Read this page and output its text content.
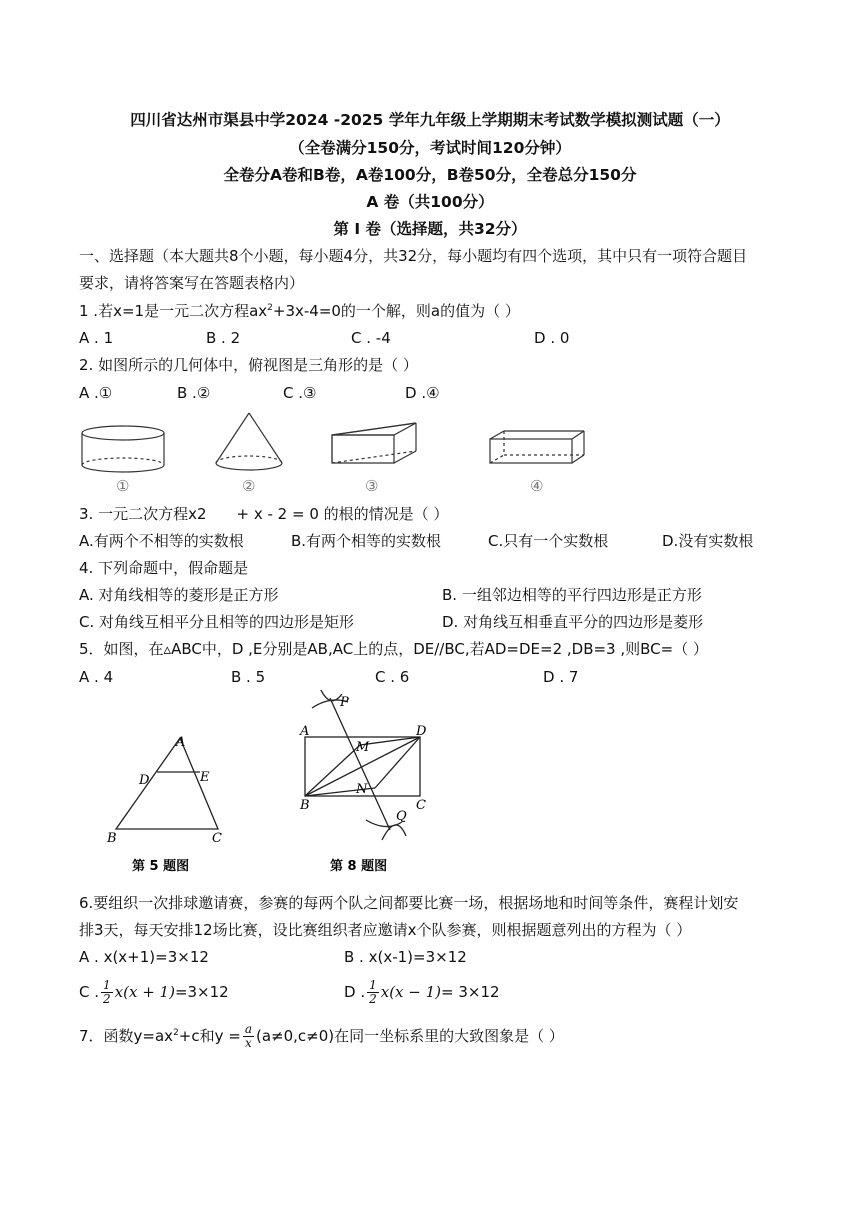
四川省达州市渠县中学2024 -2025 学年九年级上学期期末考试数学模拟测试题（一）
（全卷满分150分，考试时间120分钟）
全卷分A卷和B卷，A卷100分，B卷50分，全卷总分150分
A 卷（共100分）
第 I 卷（选择题，共32分）
一、选择题（本大题共8个小题，每小题4分，共32分，每小题均有四个选项，其中只有一项符合题目
要求，请将答案写在答题表格内）
1 .若x=1是一元二次方程$ax^2+3x-4=0$的一个解，则a的值为（ ）
A . 1	B . 2	C . -4	D . 0
2. 如图所示的几何体中，俯视图是三角形的是（ ）
A .①	B .②	C .③	D .④
①	②	③	④
3. 一元二次方程x2 + x - 2 = 0 的根的情况是（ ）
A.有两个不相等的实数根	B.有两个相等的实数根	C.只有一个实数根	D.没有实数根
4. 下列命题中，假命题是
A. 对角线相等的菱形是正方形	B. 一组邻边相等的平行四边形是正方形
C. 对角线互相平分且相等的四边形是矩形	D. 对角线互相垂直平分的四边形是菱形
5．如图，在▵ABC中，D ,E分别是AB,AC上的点，DE//BC,若AD=DE=2 ,DB=3 ,则BC=（ ）
A . 4	B . 5	C . 6	D . 7
A
D	E
B	C
第 5 题图
A	D
B	C
M
N
P
Q
第 8 题图
6.要组织一次排球邀请赛，参赛的每两个队之间都要比赛一场，根据场地和时间等条件，赛程计划安
排3天，每天安排12场比赛，设比赛组织者应邀请x个队参赛，则根据题意列出的方程为（ ）
A . x(x+1)=3×12	B . x(x-1)=3×12
C . $\frac{1}{2} x(x + 1)=3\times 12$	D . $\frac{1}{2} x(x - 1)= 3\times 12$
7．函数$y=ax^2+c$和$y = \frac{a}{x} (a\ne 0,c\ne 0)$在同一坐标系里的大致图象是（ ）
